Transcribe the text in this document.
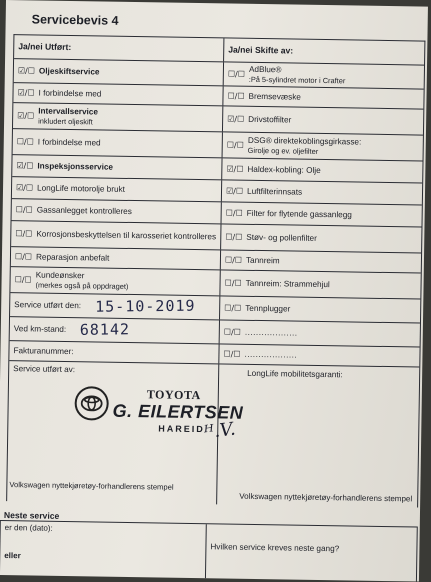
Servicebevis 4
Ja/nei Utført:	Ja/nei Skifte av:
☑/☐ Oljeskiftservice	☐/☐ AdBlue®
:På 5-sylindret motor i Crafter
☑/☐ I forbindelse med	☐/☐ Bremsevæske
☑/☐ Intervallservice
inkludert oljeskift	☑/☐ Drivstoffilter
☐/☐ I forbindelse med	☐/☐ DSG® direktekoblingsgirkasse:
Girolje og ev. oljefilter
☑/☐ Inspeksjonsservice	☑/☐ Haldex-kobling: Olje
☑/☐ LongLife motorolje brukt	☑/☐ Luftfilterinnsats
☐/☐ Gassanlegget kontrolleres	☐/☐ Filter for flytende gassanlegg
☐/☐ Korrosjonsbeskyttelsen til karosseriet kontrolleres ☐/☐ Støv- og pollenfilter
☐/☐ Reparasjon anbefalt	☐/☐ Tannreim
☐/☐ Kundeønsker
(merkes også på oppdraget)	☐/☐ Tannreim: Strammehjul
Service utført den: 15-10-2019	☐/☐ Tennplugger
Ved km-stand: 68142	☐/☐ ...................
Fakturanummer:	☐/☐ ...................
Service utført av:
TOYOTA
G. EILERTSEN
HAREID
ᴴ.V.
Volkswagen nyttekjøretøy-forhandlerens stempel
LongLife mobilitetsgaranti:
Volkswagen nyttekjøretøy-forhandlerens stempel
Neste service
er den (dato):
eller
Hvilken service kreves neste gang?
